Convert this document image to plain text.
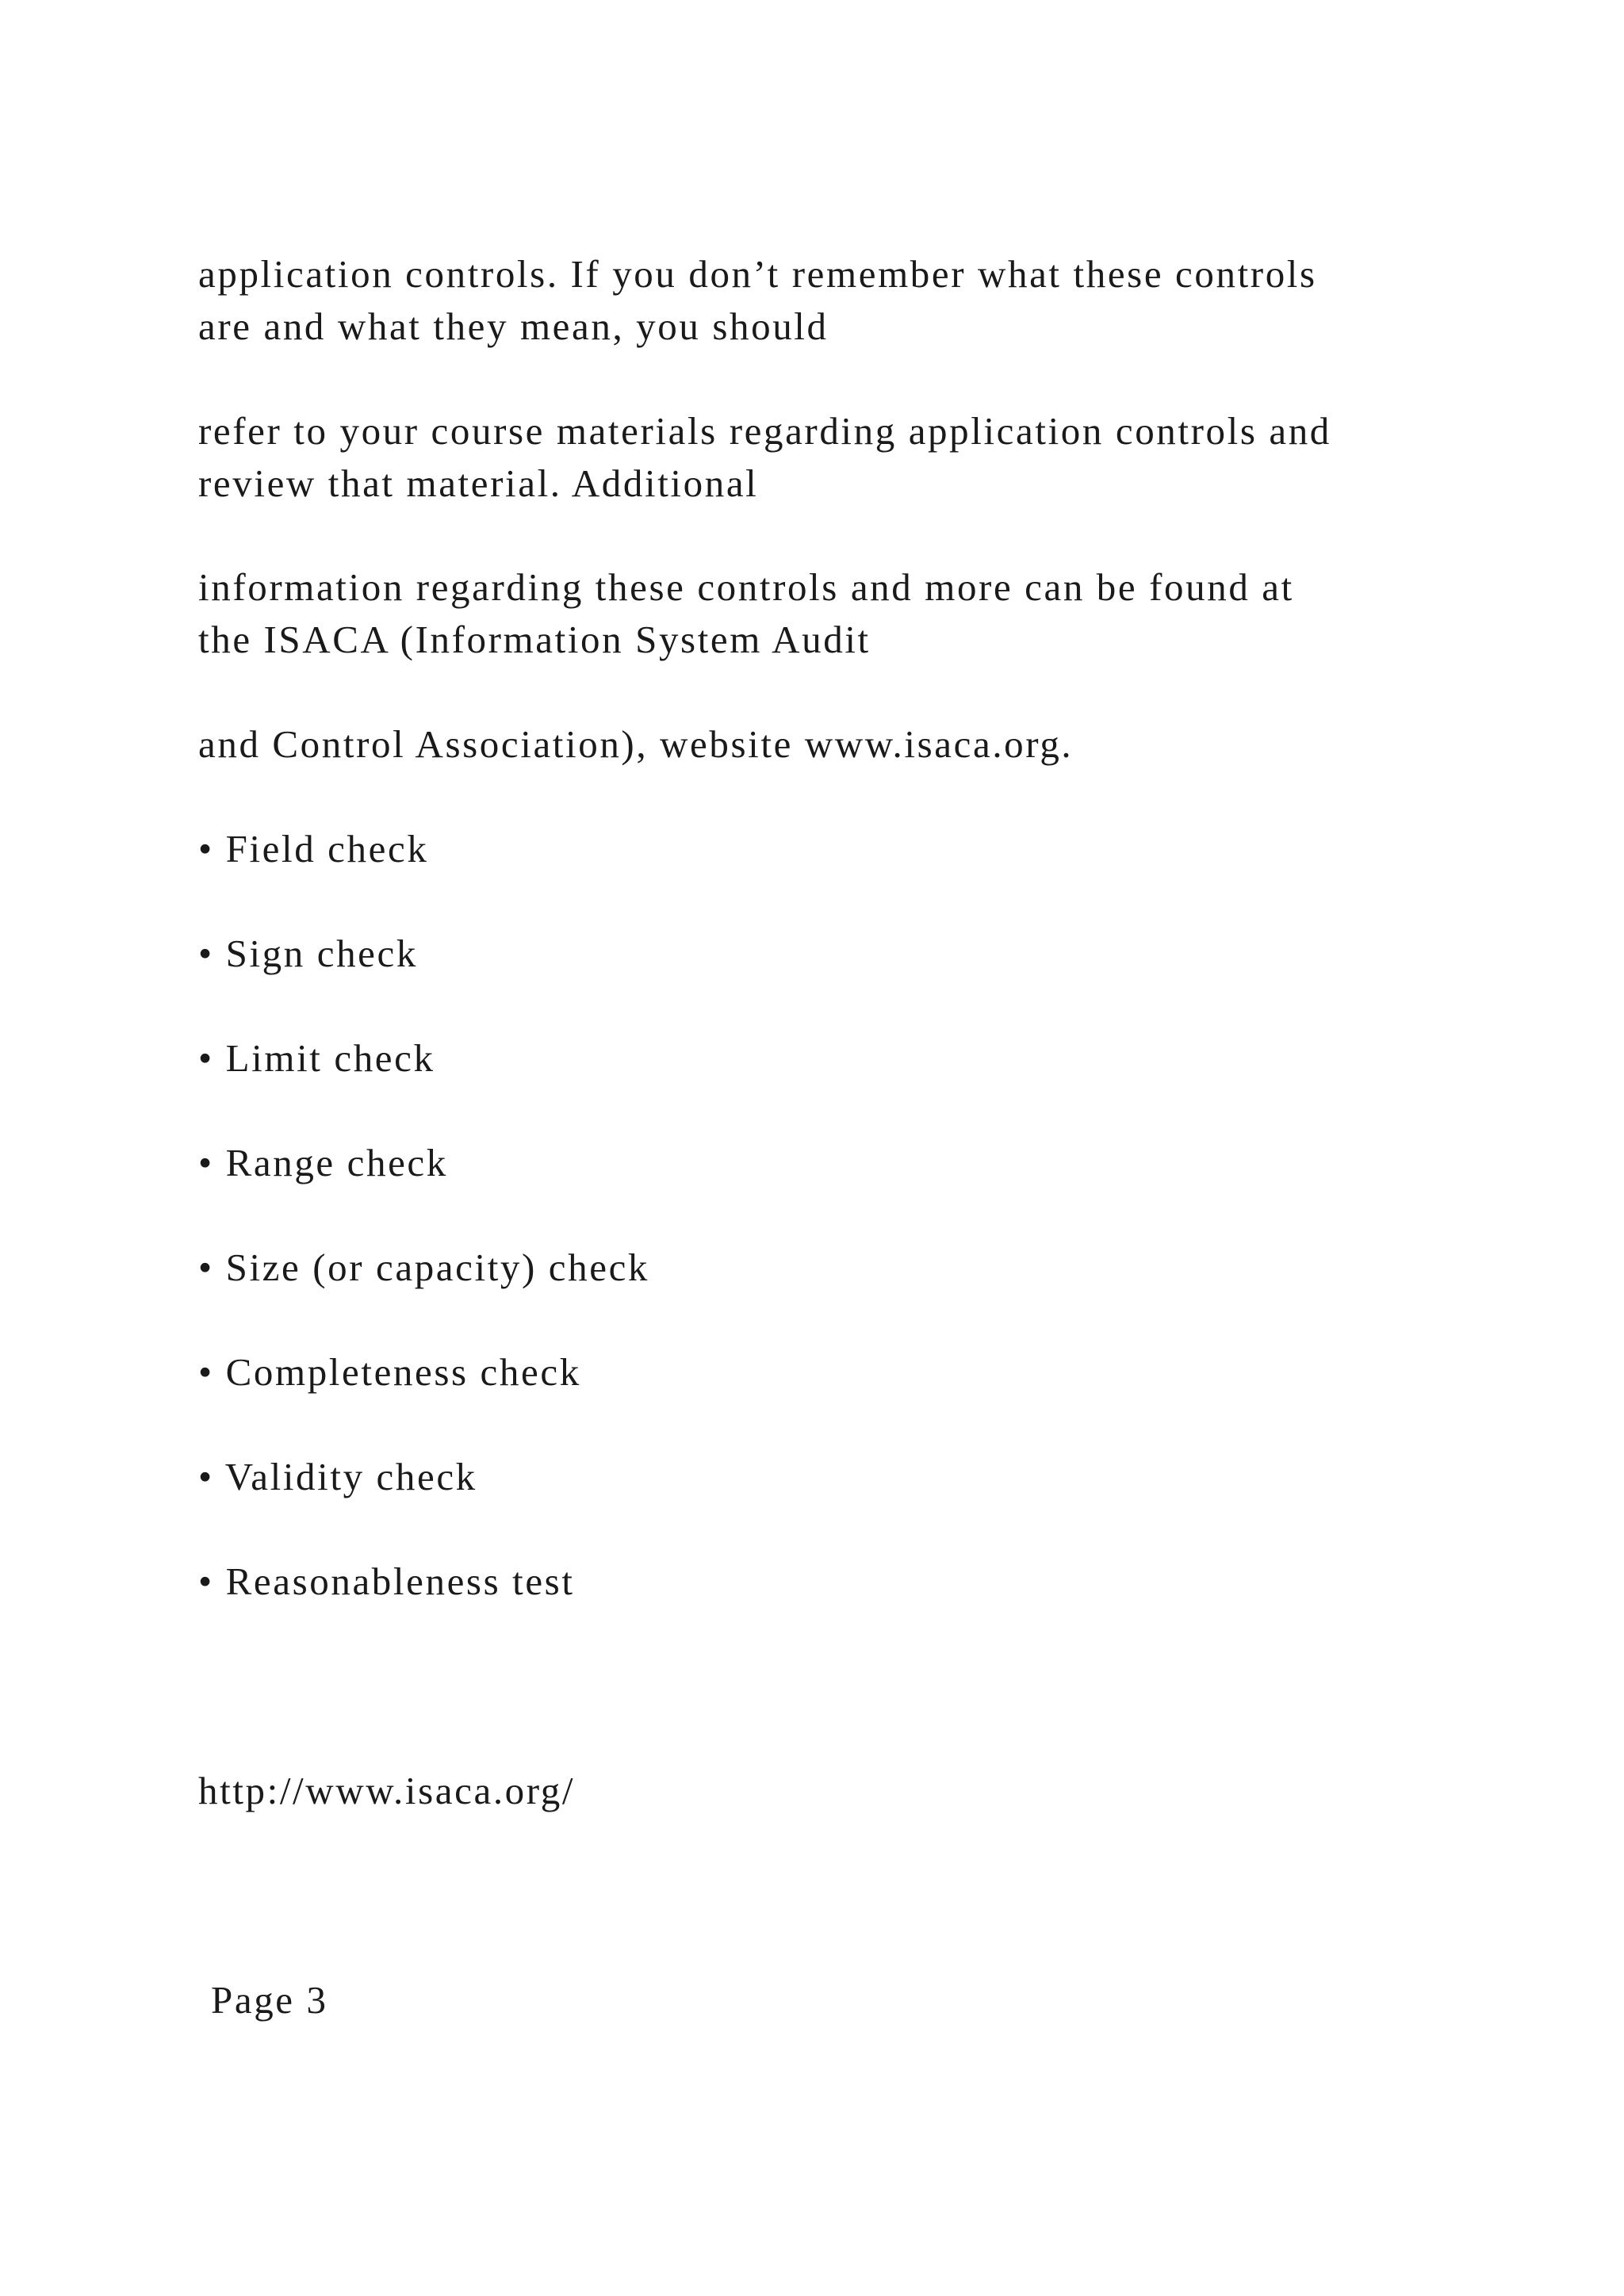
application controls. If you don’t remember what these controls
are and what they mean, you should
refer to your course materials regarding application controls and
review that material. Additional
information regarding these controls and more can be found at
the ISACA (Information System Audit
and Control Association), website www.isaca.org.
• Field check
• Sign check
• Limit check
• Range check
• Size (or capacity) check
• Completeness check
• Validity check
• Reasonableness test
http://www.isaca.org/
Page 3
